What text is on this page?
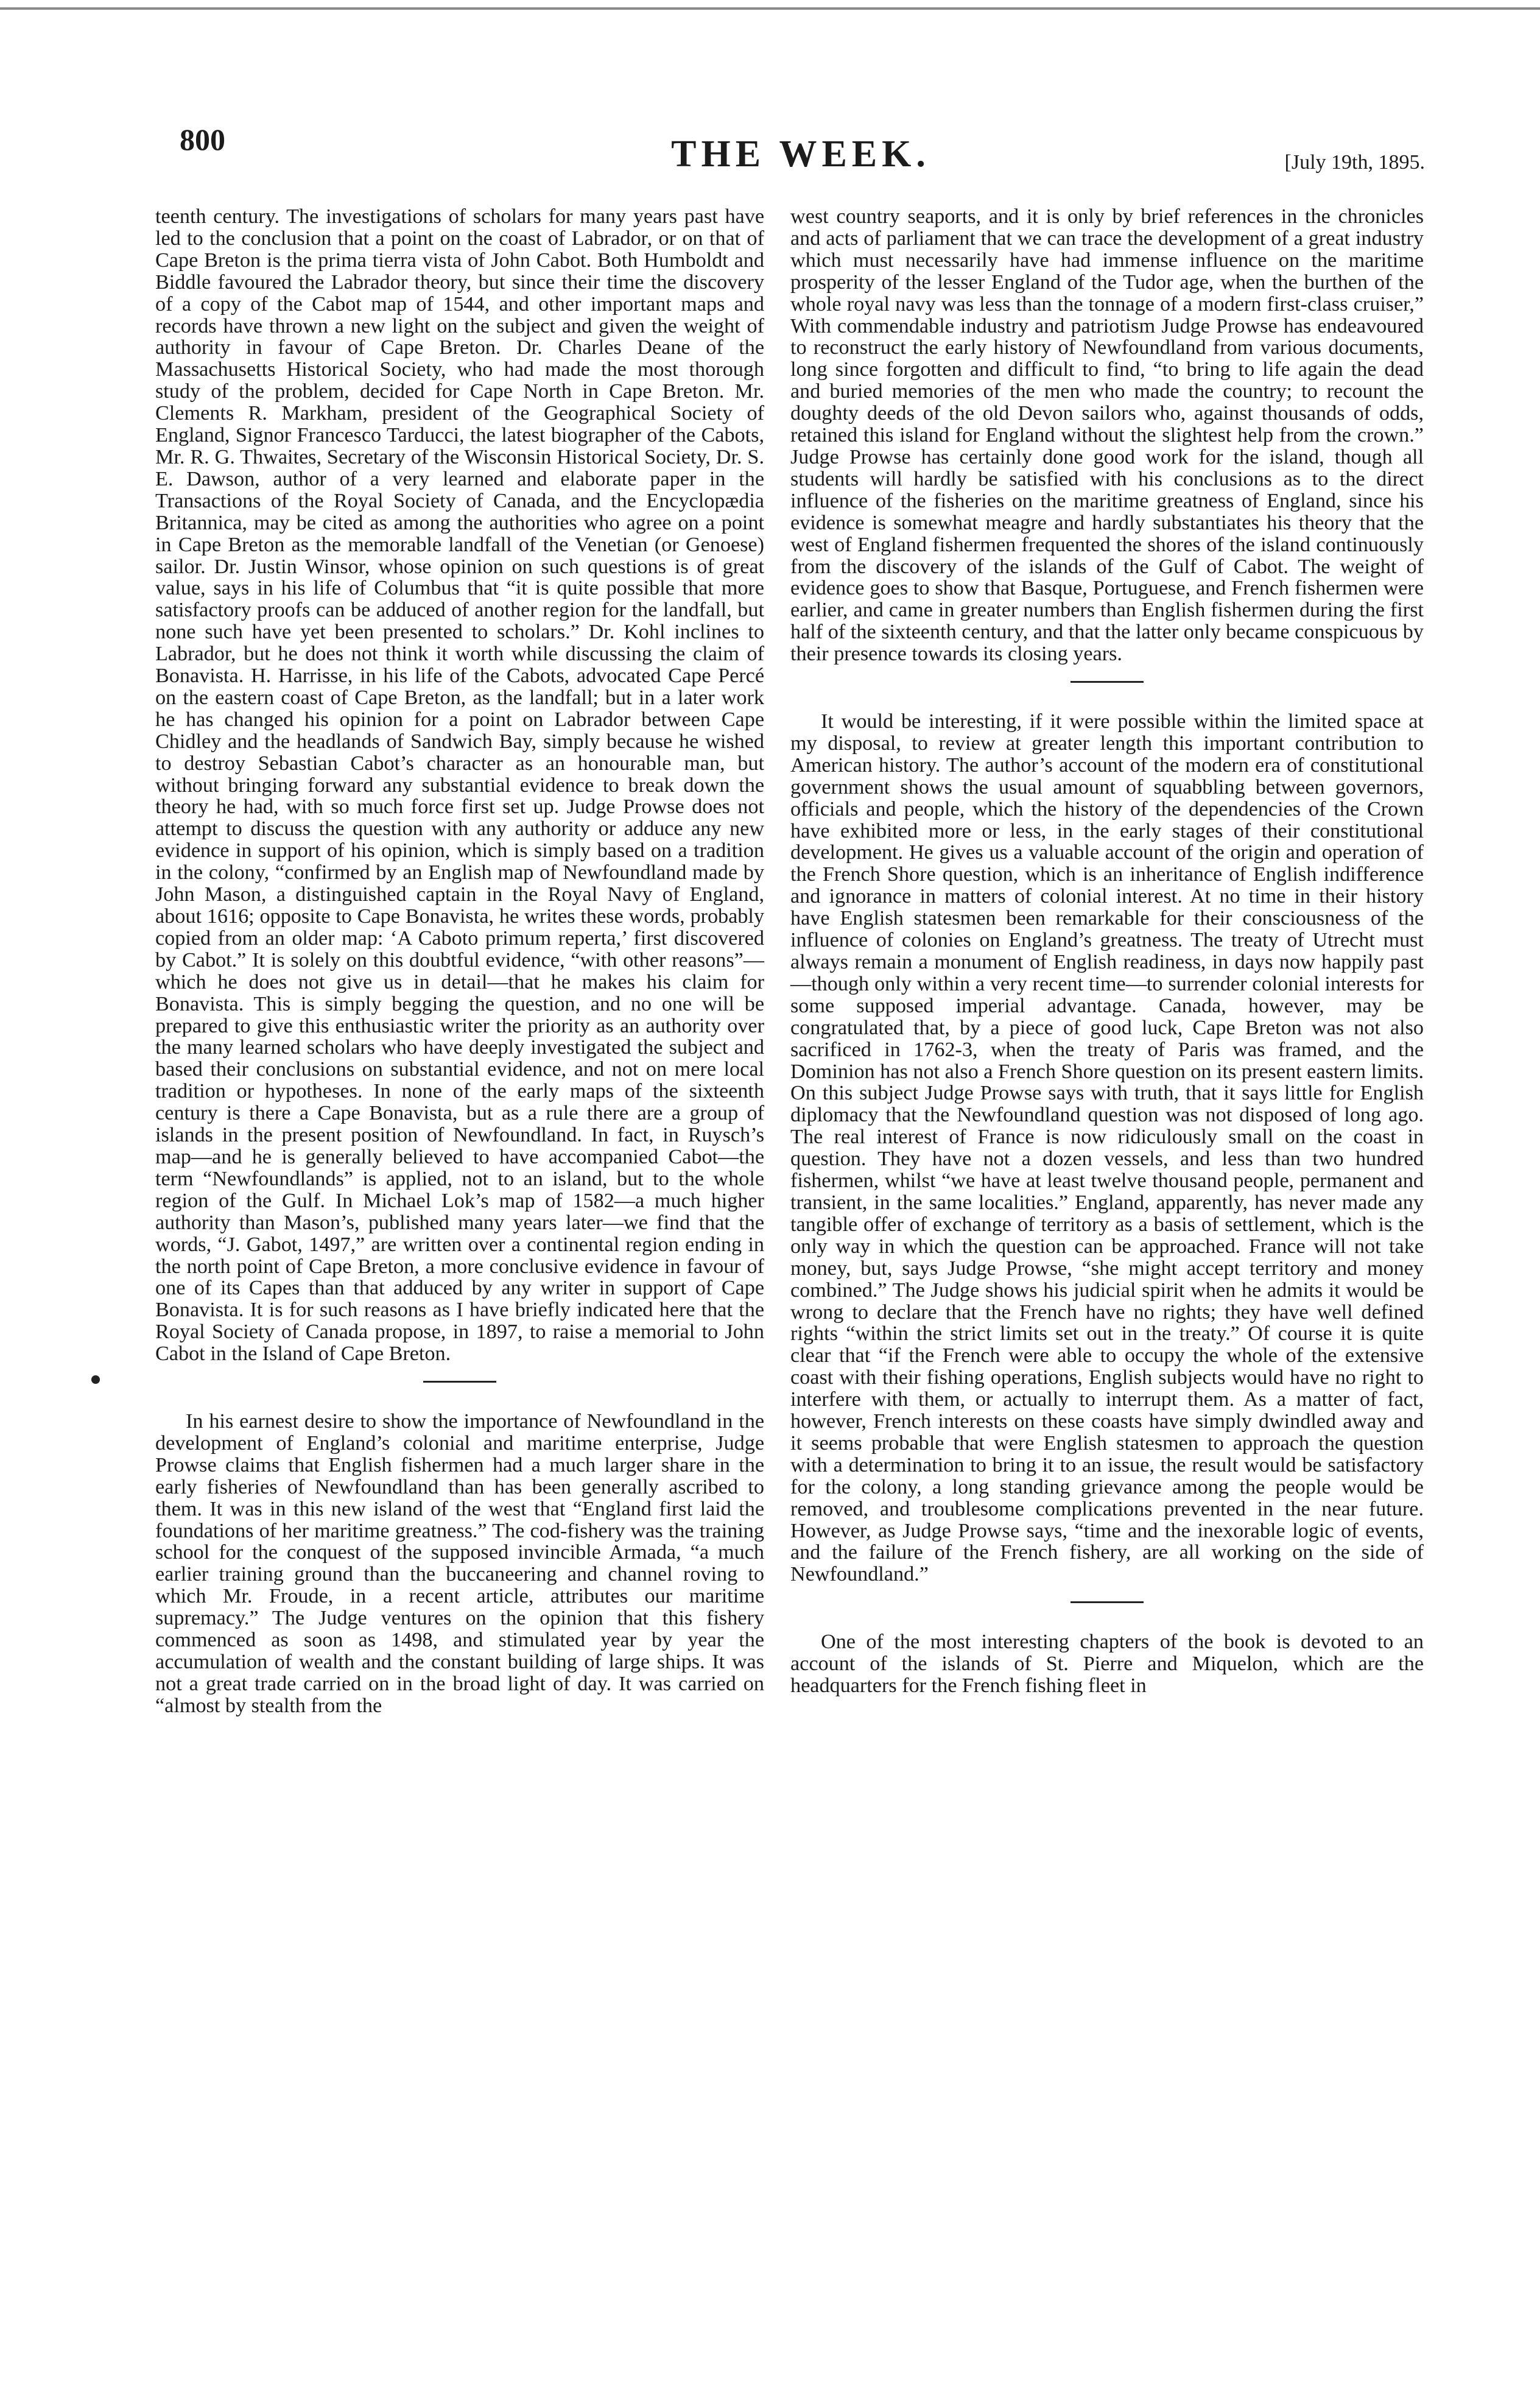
800	THE WEEK.	[July 19th, 1895.

teenth century. The investigations of scholars for many years past have led to the conclusion that a point on the coast of Labrador, or on that of Cape Breton is the prima tierra vista of John Cabot. Both Humboldt and Biddle favoured the Labrador theory, but since their time the discovery of a copy of the Cabot map of 1544, and other important maps and records have thrown a new light on the subject and given the weight of authority in favour of Cape Breton. Dr. Charles Deane of the Massachusetts Historical Society, who had made the most thorough study of the problem, decided for Cape North in Cape Breton. Mr. Clements R. Markham, president of the Geographical Society of England, Signor Francesco Tarducci, the latest biographer of the Cabots, Mr. R. G. Thwaites, Secretary of the Wisconsin Historical Society, Dr. S. E. Dawson, author of a very learned and elaborate paper in the Transactions of the Royal Society of Canada, and the Encyclopædia Britannica, may be cited as among the authorities who agree on a point in Cape Breton as the memorable landfall of the Venetian (or Genoese) sailor. Dr. Justin Winsor, whose opinion on such questions is of great value, says in his life of Columbus that “it is quite possible that more satisfactory proofs can be adduced of another region for the landfall, but none such have yet been presented to scholars.” Dr. Kohl inclines to Labrador, but he does not think it worth while discussing the claim of Bonavista. H. Harrisse, in his life of the Cabots, advocated Cape Percé on the eastern coast of Cape Breton, as the landfall; but in a later work he has changed his opinion for a point on Labrador between Cape Chidley and the headlands of Sandwich Bay, simply because he wished to destroy Sebastian Cabot’s character as an honourable man, but without bringing forward any substantial evidence to break down the theory he had, with so much force first set up. Judge Prowse does not attempt to discuss the question with any authority or adduce any new evidence in support of his opinion, which is simply based on a tradition in the colony, “confirmed by an English map of Newfoundland made by John Mason, a distinguished captain in the Royal Navy of England, about 1616; opposite to Cape Bonavista, he writes these words, probably copied from an older map: ‘A Caboto primum reperta,’ first discovered by Cabot.” It is solely on this doubtful evidence, “with other reasons”—which he does not give us in detail—that he makes his claim for Bonavista. This is simply begging the question, and no one will be prepared to give this enthusiastic writer the priority as an authority over the many learned scholars who have deeply investigated the subject and based their conclusions on substantial evidence, and not on mere local tradition or hypotheses. In none of the early maps of the sixteenth century is there a Cape Bonavista, but as a rule there are a group of islands in the present position of Newfoundland. In fact, in Ruysch’s map—and he is generally believed to have accompanied Cabot—the term “Newfoundlands” is applied, not to an island, but to the whole region of the Gulf. In Michael Lok’s map of 1582—a much higher authority than Mason’s, published many years later—we find that the words, “J. Gabot, 1497,” are written over a continental region ending in the north point of Cape Breton, a more conclusive evidence in favour of one of its Capes than that adduced by any writer in support of Cape Bonavista. It is for such reasons as I have briefly indicated here that the Royal Society of Canada propose, in 1897, to raise a memorial to John Cabot in the Island of Cape Breton.

In his earnest desire to show the importance of Newfoundland in the development of England’s colonial and maritime enterprise, Judge Prowse claims that English fishermen had a much larger share in the early fisheries of Newfoundland than has been generally ascribed to them. It was in this new island of the west that “England first laid the foundations of her maritime greatness.” The cod-fishery was the training school for the conquest of the supposed invincible Armada, “a much earlier training ground than the buccaneering and channel roving to which Mr. Froude, in a recent article, attributes our maritime supremacy.” The Judge ventures on the opinion that this fishery commenced as soon as 1498, and stimulated year by year the accumulation of wealth and the constant building of large ships. It was not a great trade carried on in the broad light of day. It was carried on “almost by stealth from the

west country seaports, and it is only by brief references in the chronicles and acts of parliament that we can trace the development of a great industry which must necessarily have had immense influence on the maritime prosperity of the lesser England of the Tudor age, when the burthen of the whole royal navy was less than the tonnage of a modern first-class cruiser,” With commendable industry and patriotism Judge Prowse has endeavoured to reconstruct the early history of Newfoundland from various documents, long since forgotten and difficult to find, “to bring to life again the dead and buried memories of the men who made the country; to recount the doughty deeds of the old Devon sailors who, against thousands of odds, retained this island for England without the slightest help from the crown.” Judge Prowse has certainly done good work for the island, though all students will hardly be satisfied with his conclusions as to the direct influence of the fisheries on the maritime greatness of England, since his evidence is somewhat meagre and hardly substantiates his theory that the west of England fishermen frequented the shores of the island continuously from the discovery of the islands of the Gulf of Cabot. The weight of evidence goes to show that Basque, Portuguese, and French fishermen were earlier, and came in greater numbers than English fishermen during the first half of the sixteenth century, and that the latter only became conspicuous by their presence towards its closing years.

It would be interesting, if it were possible within the limited space at my disposal, to review at greater length this important contribution to American history. The author’s account of the modern era of constitutional government shows the usual amount of squabbling between governors, officials and people, which the history of the dependencies of the Crown have exhibited more or less, in the early stages of their constitutional development. He gives us a valuable account of the origin and operation of the French Shore question, which is an inheritance of English indifference and ignorance in matters of colonial interest. At no time in their history have English statesmen been remarkable for their consciousness of the influence of colonies on England’s greatness. The treaty of Utrecht must always remain a monument of English readiness, in days now happily past—though only within a very recent time—to surrender colonial interests for some supposed imperial advantage. Canada, however, may be congratulated that, by a piece of good luck, Cape Breton was not also sacrificed in 1762-3, when the treaty of Paris was framed, and the Dominion has not also a French Shore question on its present eastern limits. On this subject Judge Prowse says with truth, that it says little for English diplomacy that the Newfoundland question was not disposed of long ago. The real interest of France is now ridiculously small on the coast in question. They have not a dozen vessels, and less than two hundred fishermen, whilst “we have at least twelve thousand people, permanent and transient, in the same localities.” England, apparently, has never made any tangible offer of exchange of territory as a basis of settlement, which is the only way in which the question can be approached. France will not take money, but, says Judge Prowse, “she might accept territory and money combined.” The Judge shows his judicial spirit when he admits it would be wrong to declare that the French have no rights; they have well defined rights “within the strict limits set out in the treaty.” Of course it is quite clear that “if the French were able to occupy the whole of the extensive coast with their fishing operations, English subjects would have no right to interfere with them, or actually to interrupt them. As a matter of fact, however, French interests on these coasts have simply dwindled away and it seems probable that were English statesmen to approach the question with a determination to bring it to an issue, the result would be satisfactory for the colony, a long standing grievance among the people would be removed, and troublesome complications prevented in the near future. However, as Judge Prowse says, “time and the inexorable logic of events, and the failure of the French fishery, are all working on the side of Newfoundland.”

One of the most interesting chapters of the book is devoted to an account of the islands of St. Pierre and Miquelon, which are the headquarters for the French fishing fleet in
